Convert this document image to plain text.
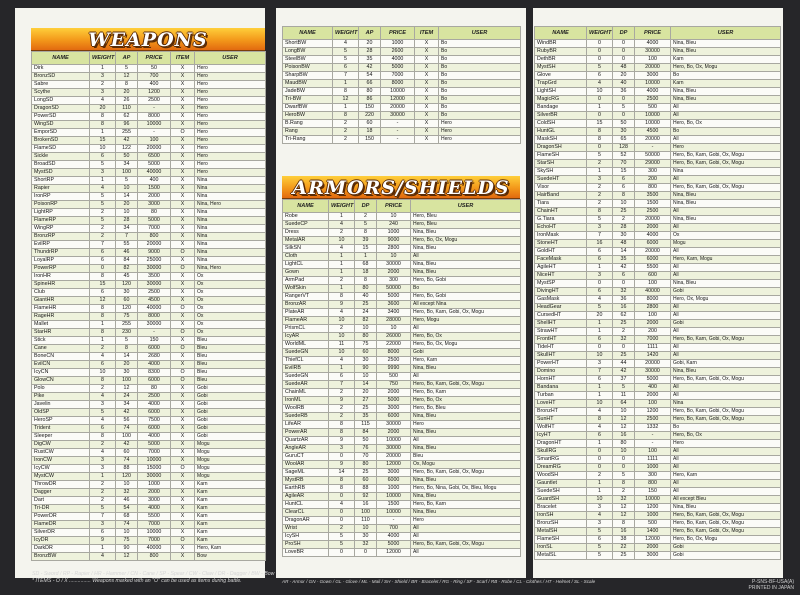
WEAPONS
ARMORS/SHIELDS
NAME	WEIGHT	AP	PRICE	ITEM	USER
Dirk	1	5	50	X	Hero
BronzSD	3	12	700	X	Hero
Sabre	2	8	400	X	Hero
Scythe	3	20	1200	X	Hero
LongSD	4	26	2500	X	Hero
DragonSD	20	110	-	X	Hero
PowerSD	8	62	8000	X	Hero
WingSD	8	96	10000	X	Hero
EmporSD	1	255	-	O	Hero
BrokenSD	15	42	100	X	Hero
FlameSD	10	122	20000	X	Hero
Sickle	6	50	6500	X	Hero
BroadSD	5	34	5000	X	Hero
MystSD	3	100	40000	X	Hero
ShortRP	1	5	400	X	Nina
Rapier	4	10	1500	X	Nina
IronRP	5	14	2000	X	Nina
PoisonRP	5	20	3000	X	Nina, Hero
LightRP	2	10	80	X	Nina
FlameRP	5	28	5000	X	Nina
WingRP	2	34	7000	X	Nina
BronzRP	2	7	800	X	Nina
EvilRP	7	55	20000	X	Nina
ThundrRP	6	46	9000	O	Nina
LoyalRP	6	84	25000	X	Nina
PowerRP	0	82	30000	O	Nina, Hero
IronHR	8	45	3500	X	Ox
SpineHR	15	120	30000	X	Ox
Club	6	30	2500	X	Ox
GiantHR	12	60	4500	X	Ox
FlameHR	8	120	40000	O	Ox
RageHR	8	75	8000	X	Ox
Mallet	1	255	30000	X	Ox
StarHR	8	230	-	O	Ox
Stick	1	5	150	X	Bleu
Cane	2	8	6000	O	Bleu
BoneCN	4	14	2680	X	Bleu
EvilCN	6	20	4000	X	Bleu
IcyCN	10	30	8300	O	Bleu
GlowCN	8	100	6000	O	Bleu
Polo	2	12	80	X	Gobi
Pike	4	24	2500	X	Gobi
Javelin	3	34	4000	X	Gobi
OldSP	5	42	6000	X	Gobi
HeroSP	4	56	7500	X	Gobi
Trident	6	74	6000	X	Gobi
Sleeper	8	100	4000	X	Gobi
DigCW	2	42	5000	X	Mogu
RustCW	4	60	7000	X	Mogu
IronCW	3	74	10000	X	Mogu
IcyCW	3	88	15000	O	Mogu
MystCW	1	120	30000	X	Mogu
ThrowDR	2	10	1000	X	Karn
Dagger	2	32	2000	X	Karn
Dart	2	46	3000	X	Karn
Tri-DR	5	54	4000	X	Karn
PowerDR	7	68	5500	X	Karn
FlameDR	3	74	7000	X	Karn
SilverDR	6	10	10000	X	Karn
IcyDR	9	75	7000	O	Karn
DarkDR	1	90	40000	X	Hero, Karn
BronzBW	4	12	800	X	Bow
NAME	WEIGHT	AP	PRICE	ITEM	USER
ShortBW	4	20	1000	X	Bo
LongBW	5	28	2600	X	Bo
SteelBW	5	35	4000	X	Bo
PoisonBW	6	42	5000	X	Bo
SharpBW	7	54	7000	X	Bo
MaudBW	1	66	8000	X	Bo
JadeBW	8	80	10000	X	Bo
Tri-BW	12	86	12000	X	Bo
DwarfBW	1	150	20000	X	Bo
HeroBW	8	220	30000	X	Bo
B.Rang	2	60	-	X	Hero
Rang	2	18	-	X	Hero
Tri-Rang	2	150	-	X	Hero
NAME	WEIGHT	DP	PRICE	USER
Robe	1	2	10	Hero, Bleu
SuedeCP	4	5	240	Hero, Bleu
Dress	2	8	1000	Nina, Bleu
MetalAR	10	39	9000	Hero, Bo, Ox, Mogu
SilkSN	4	15	2800	Nina, Bleu
Cloth	1	1	10	All
LightCL	1	68	30000	Nina, Bleu
Gown	1	18	2000	Nina, Bleu
ArmPad	2	8	300	Hero, Bo, Gobi
WolfSkin	1	80	50000	Bo
RangerVT	8	40	5000	Hero, Bo, Gobi
BronzAR	9	25	3600	All except Nina
PlateAR	4	24	3400	Hero, Bo, Karn, Gobi, Ox, Mogu
FlameAR	10	82	28000	Hero, Mogu
PrismCL	2	10	10	All
IcyAR	10	80	26000	Hero, Bo, Ox
WorldML	11	75	22000	Hero, Bo, Ox, Mogu
SuedeGN	10	60	8000	Gobi
ThiefCL	4	30	2500	Hero, Karn
EvilRB	1	90	9990	Nina, Bleu
SuedeGN	6	10	500	All
SuedeAR	7	14	750	Hero, Bo, Karn, Gobi, Ox, Mogu
ChainML	2	20	2000	Hero, Bo, Karn
IronML	9	27	5000	Hero, Bo, Ox
WoolRB	2	25	3000	Hero, Bo, Bleu
SuedeRB	2	35	6000	Nina, Bleu
LifeAR	8	115	30000	Hero
PowerAR	8	84	2000	Nina, Bleu
QuartzAR	9	50	10000	All
AngleAR	3	76	30000	Nina, Bleu
GuruCT	0	70	20000	Bleu
WoolAR	9	80	12000	Ox, Mogu
SageML	14	25	3000	Hero, Bo, Karn, Gobi, Ox, Mogu
MystRB	8	60	6000	Nina, Bleu
EarthRB	8	88	1000	Hero, Bo, Nina, Gobi, Ox, Bleu, Mogu
AgileAR	0	92	10000	Nina, Bleu
HuntCL	4	16	1500	Hero, Bo, Karn
ClearCL	0	100	10000	Nina, Bleu
DragonAR	0	110	-	Hero
Wrist	2	10	700	All
IcySH	5	30	4000	All
ProSH	5	32	5000	Hero, Bo, Karn, Gobi, Ox, Mogu
LoveBR	0	0	12000	All
NAME	WEIGHT	DP	PRICE	USER
WindBR	0	0	4000	Nina, Bleu
RubyBR	0	0	30000	Nina, Bleu
DethBR	0	0	100	Karn
MystSH	5	48	20000	Hero, Bo, Ox, Mogu
Glove	6	20	3000	Bo
TrapGrd	4	40	10000	Karn
LightSH	10	36	4000	Nina, Bleu
MagicRG	0	0	2500	Nina, Bleu
Bandage	1	5	500	All
SilverBR	0	0	10000	All
ColdSH	15	50	10000	Hero, Bo, Ox
HuntGL	8	30	4500	Bo
MaskSH	8	65	20000	All
DragonSH	0	128	-	Hero
FlameSH	5	52	50000	Hero, Bo, Karn, Gobi, Ox, Mogu
StarSH	2	70	29000	Hero, Bo, Karn, Gobi, Ox, Mogu
SkySH	1	15	300	Nina
SuedeHT	3	6	200	All
Visor	2	6	800	Hero, Bo, Karn, Gobi, Ox, Mogu
HairBand	2	8	3500	Nina, Bleu
Tiara	2	10	1500	Nina, Bleu
ChainHT	8	25	2500	All
G.Tiara	5	2	20000	Nina, Bleu
EchoHT	3	28	2000	All
IronMask	7	30	4000	Ox
StoneHT	16	48	6000	Mogu
GoldHT	6	14	20000	All
FaceMask	6	35	6000	Hero, Karn, Mogu
AgileHT	1	42	5500	All
NiceHT	3	6	600	All
MystSP	0	0	100	Nina, Bleu
DivingHT	6	32	40000	Gobi
GasMask	4	36	8000	Hero, Ox, Mogu
HeadGear	5	16	2800	All
CursedHT	20	62	100	All
ShellHT	1	25	2000	Gobi
StrawHT	1	2	200	All
FrontHT	6	32	7000	Hero, Bo, Karn, Gobi, Ox, Mogu
TideHT	0	0	1111	All
SkullHT	10	25	1420	All
PowerHT	3	44	20000	Gobi, Karn
Domino	7	42	30000	Nina, Bleu
HornHT	6	37	5000	Hero, Bo, Karn, Gobi, Ox, Mogu
Bandana	1	5	400	All
Turban	1	11	2000	All
LoveHT	10	64	100	Nina
BronzHT	4	10	1200	Hero, Bo, Karn, Gobi, Ox, Mogu
SunHT	8	12	2500	Hero, Bo, Karn, Gobi, Ox, Mogu
WolfHT	4	12	1332	Bo
IcyHT	6	16	-	Hero, Bo, Ox
DragonHT	1	80	-	Hero
SkullRG	0	10	100	All
SmartRG	0	0	1111	All
DreamRG	0	0	1000	All
WoodSH	2	5	300	Hero, Karn
Gauntlet	1	8	800	All
SuedeSH	1	2	150	All
GuardSH	10	32	10000	All except Bleu
Bracelet	3	12	1200	Nina, Bleu
IronSH	4	12	1000	Hero, Bo, Karn, Gobi, Ox, Mogu
BronzSH	3	8	500	Hero, Bo, Karn, Gobi, Ox, Mogu
MetalSH	5	16	1400	Hero, Bo, Karn, Gobi, Ox, Mogu
FlameSH	6	38	12000	Hero, Bo, Ox, Mogu
IronSL	5	22	2000	Gobi
MetalSL	5	25	3000	Gobi
SD - Sword / RP - Rapier / HR - Hammer / CN - Cane / SP - Spear / CW - Claw / DR - Dagger / BW - Bow
* ITEMS - O / X ............... Weapons marked with an "O" can be used as items during battle.	AR - Armor / GN - Gown / GL - Glove / ML - Mail / SH - Shield / BR - Bracelet / RG - Ring / SF - Scarf / RB - Robe / CL - Clothes / HT - Helmet / SL - Scale	P-SNS-BF-USA(A)
PRINTED IN JAPAN
